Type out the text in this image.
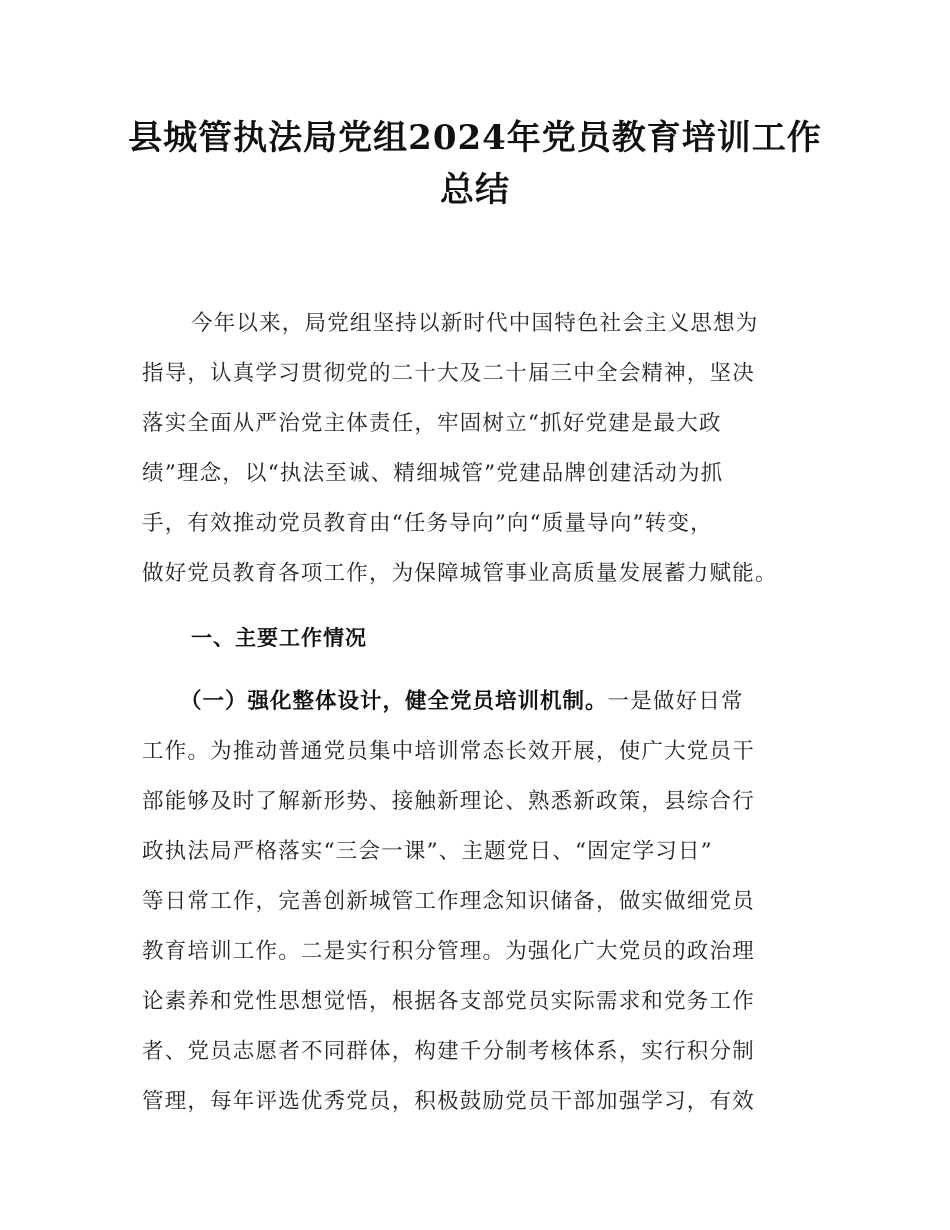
县城管执法局党组2024年党员教育培训工作
总结
今年以来，局党组坚持以新时代中国特色社会主义思想为
指导，认真学习贯彻党的二十大及二十届三中全会精神，坚决
落实全面从严治党主体责任，牢固树立“抓好党建是最大政
绩”理念，以“执法至诚、精细城管”党建品牌创建活动为抓
手，有效推动党员教育由“任务导向”向“质量导向”转变，
做好党员教育各项工作，为保障城管事业高质量发展蓄力赋能。
一、主要工作情况
（一）强化整体设计，健全党员培训机制。一是做好日常
工作。为推动普通党员集中培训常态长效开展，使广大党员干
部能够及时了解新形势、接触新理论、熟悉新政策，县综合行
政执法局严格落实“三会一课”、主题党日、“固定学习日”
等日常工作，完善创新城管工作理念知识储备，做实做细党员
教育培训工作。二是实行积分管理。为强化广大党员的政治理
论素养和党性思想觉悟，根据各支部党员实际需求和党务工作
者、党员志愿者不同群体，构建千分制考核体系，实行积分制
管理，每年评选优秀党员，积极鼓励党员干部加强学习，有效
